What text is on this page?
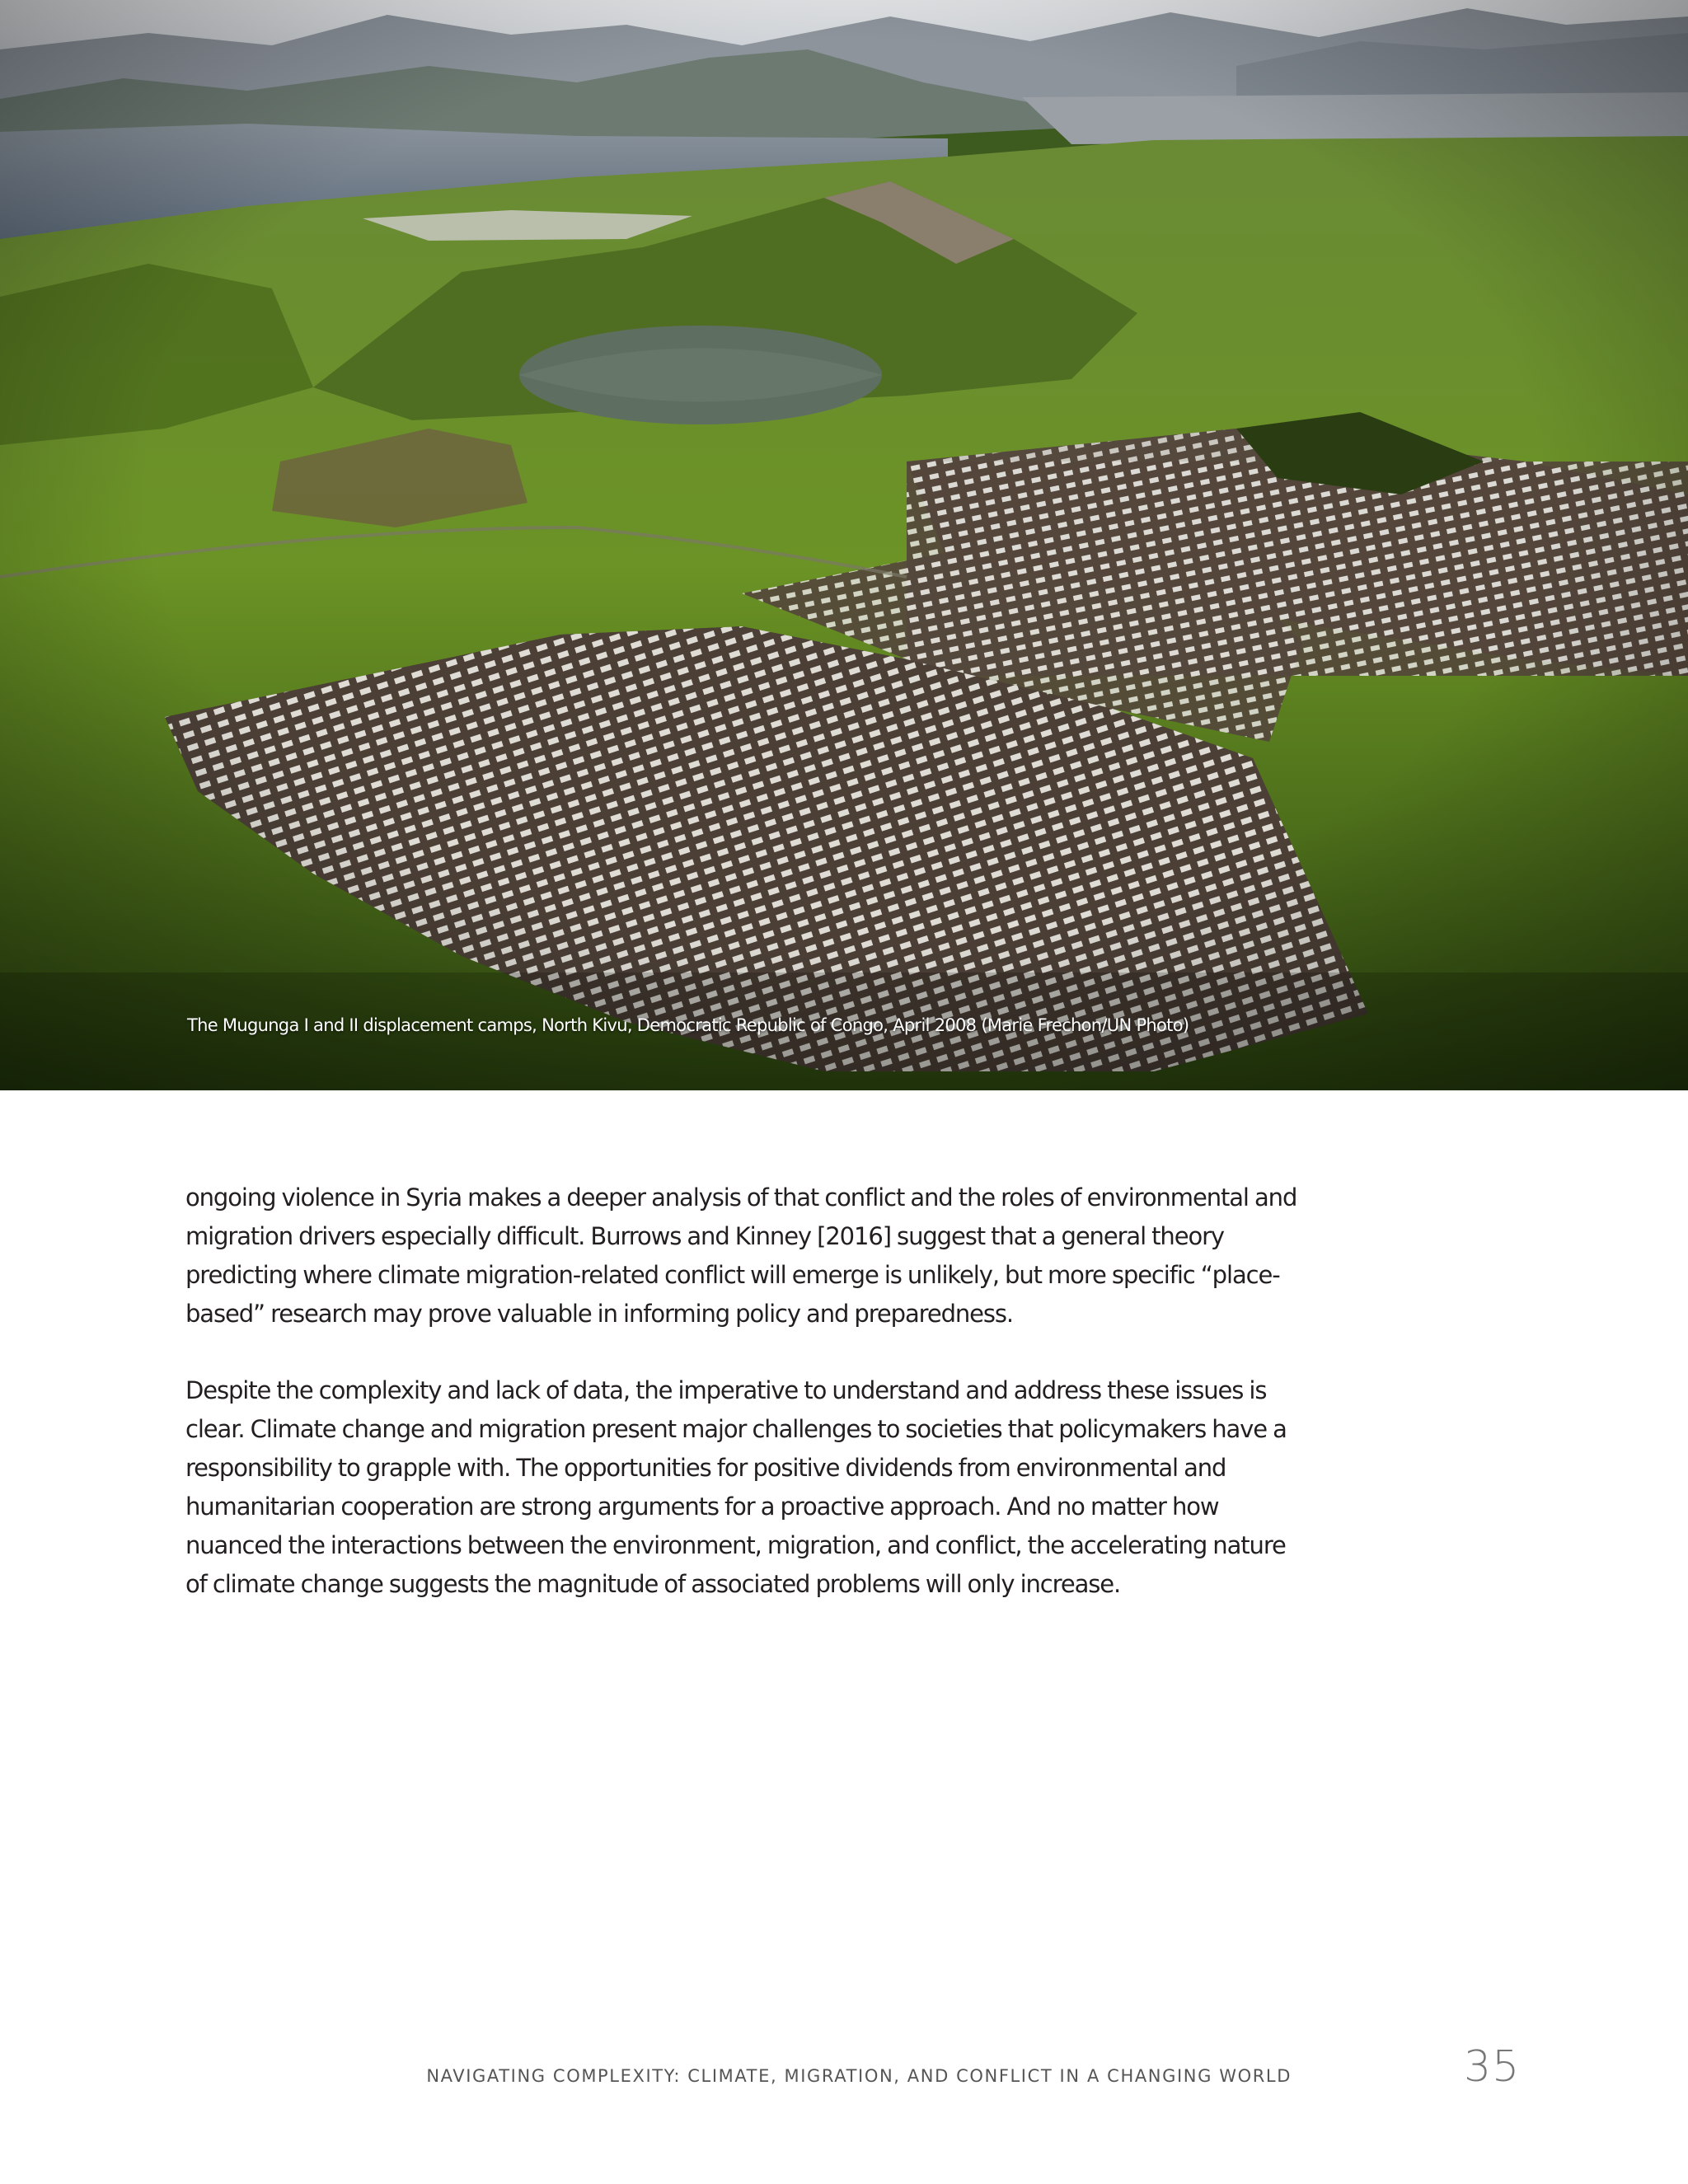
The Mugunga I and II displacement camps, North Kivu, Democratic Republic of Congo, April 2008 (Marie Frechon/UN Photo)

ongoing violence in Syria makes a deeper analysis of that conflict and the roles of environmental and migration drivers especially difficult. Burrows and Kinney [2016] suggest that a general theory predicting where climate migration-related conflict will emerge is unlikely, but more specific “place-based” research may prove valuable in informing policy and preparedness.

Despite the complexity and lack of data, the imperative to understand and address these issues is clear. Climate change and migration present major challenges to societies that policymakers have a responsibility to grapple with. The opportunities for positive dividends from environmental and humanitarian cooperation are strong arguments for a proactive approach. And no matter how nuanced the interactions between the environment, migration, and conflict, the accelerating nature of climate change suggests the magnitude of associated problems will only increase.

NAVIGATING COMPLEXITY: CLIMATE, MIGRATION, AND CONFLICT IN A CHANGING WORLD	35
